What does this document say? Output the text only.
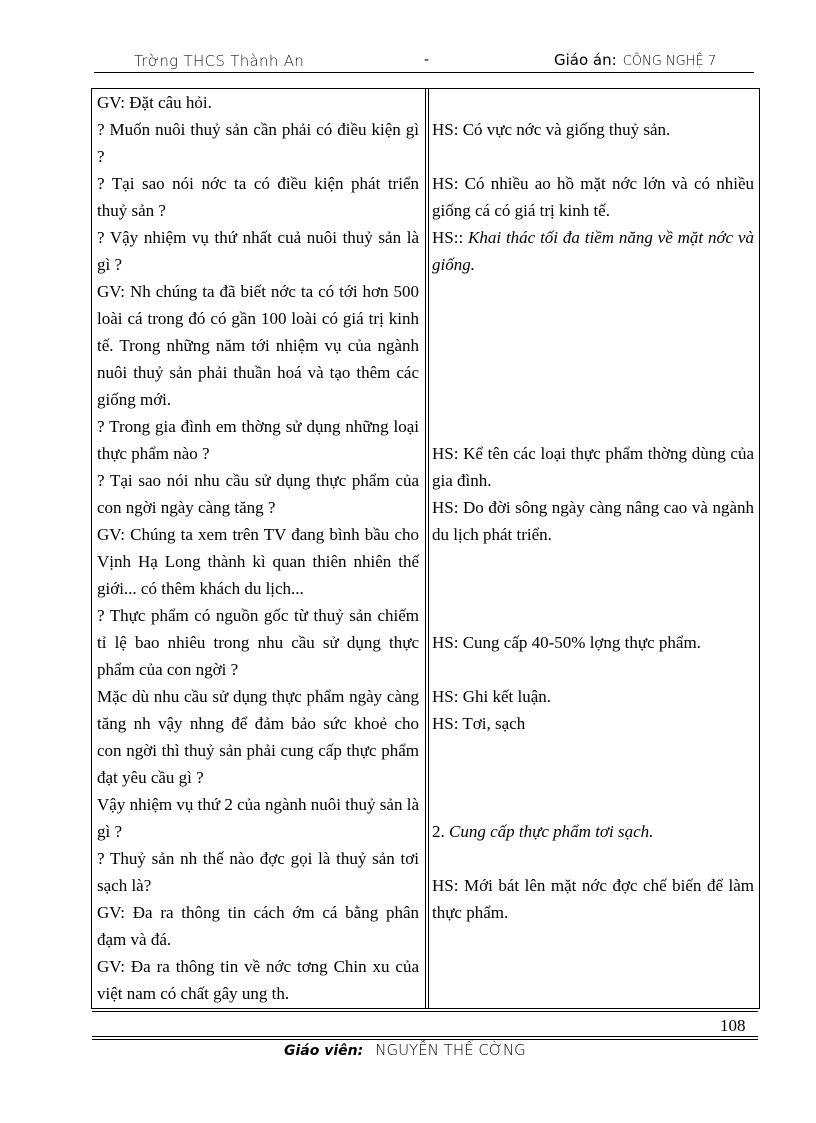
Trờng THCS Thành An	-	Giáo án: CÔNG NGHỆ 7

GV: Đặt câu hỏi.

? Muốn nuôi thuỷ sản cần phải có điều kiện gì ?

? Tại sao nói nớc ta có điều kiện phát triển thuỷ sản ?

? Vậy nhiệm vụ thứ nhất cuả nuôi thuỷ sản là gì ?

GV: Nh chúng ta đã biết nớc ta có tới hơn 500 loài cá trong đó có gần 100 loài có giá trị kinh tế. Trong những năm tới nhiệm vụ của ngành nuôi thuỷ sản phải thuần hoá và tạo thêm các giống mới.

? Trong gia đình em thờng sử dụng những loại thực phẩm nào ?

? Tại sao nói nhu cầu sử dụng thực phẩm của con ngời ngày càng tăng ?

GV: Chúng ta xem trên TV đang bình bầu cho Vịnh Hạ Long thành kì quan thiên nhiên thế giới... có thêm khách du lịch...

? Thực phẩm có nguồn gốc từ thuỷ sản chiếm tỉ lệ bao nhiêu trong nhu cầu sử dụng thực phẩm của con ngời ?

Mặc dù nhu cầu sử dụng thực phẩm ngày càng tăng nh vậy nhng để đảm bảo sức khoẻ cho con ngời thì thuỷ sản phải cung cấp thực phẩm đạt yêu cầu gì ?

Vậy nhiệm vụ thứ 2 của ngành nuôi thuỷ sản là gì ?

? Thuỷ sản nh thế nào đợc gọi là thuỷ sản tơi sạch là?

GV: Đa ra thông tin cách ớm cá bằng phân đạm và đá.

GV: Đa ra thông tin về nớc tơng Chin xu của việt nam có chất gây ung th.

HS: Có vực nớc và giống thuỷ sản.

HS: Có nhiều ao hồ mặt nớc lớn và có nhiều giống cá có giá trị kinh tế.

HS:: Khai thác tối đa tiềm năng về mặt nớc và giống.

HS: Kể tên các loại thực phẩm thờng dùng của gia đình.

HS: Do đời sông ngày càng nâng cao và ngành du lịch phát triển.

HS: Cung cấp 40-50% lợng thực phẩm.

HS: Ghi kết luận.

HS: Tơi, sạch

2. Cung cấp thực phẩm tơi sạch.

HS: Mới bát lên mặt nớc đợc chế biến để làm thực phẩm.

108
Giáo viên: NGUYỄN THẾ CỜNG
